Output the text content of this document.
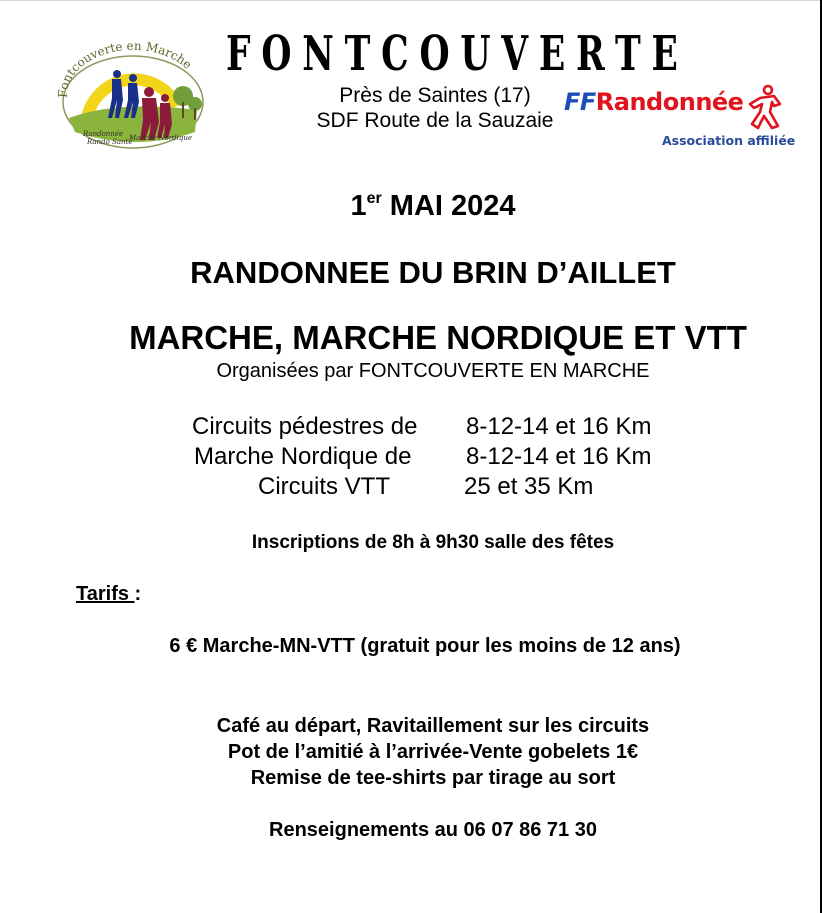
Fontcouverte en Marche
Randonnée
Rando Santé
Marche Nordique
FONTCOUVERTE
Près de Saintes (17)
SDF Route de la Sauzaie
FFRandonnée
Association affiliée
1er MAI 2024
RANDONNEE DU BRIN D’AILLET
MARCHE, MARCHE NORDIQUE ET VTT
Organisées par FONTCOUVERTE EN MARCHE
Circuits pédestres de 8-12-14 et 16 Km
Marche Nordique de 8-12-14 et 16 Km
Circuits VTT	25 et 35 Km
Inscriptions de 8h à 9h30 salle des fêtes
Tarifs :
6 € Marche-MN-VTT (gratuit pour les moins de 12 ans)
Café au départ, Ravitaillement sur les circuits
Pot de l’amitié à l’arrivée-Vente gobelets 1€
Remise de tee-shirts par tirage au sort
Renseignements au 06 07 86 71 30
